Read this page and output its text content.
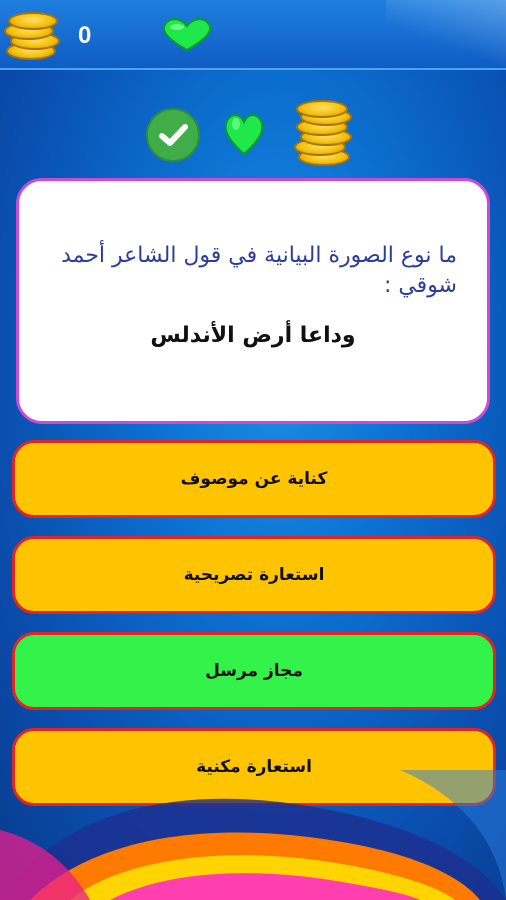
0
ما نوع الصورة البيانية في قول الشاعر أحمد شوقي :
وداعا أرض الأندلس
كناية عن موصوف
استعارة تصريحية
مجاز مرسل
استعارة مكنية
